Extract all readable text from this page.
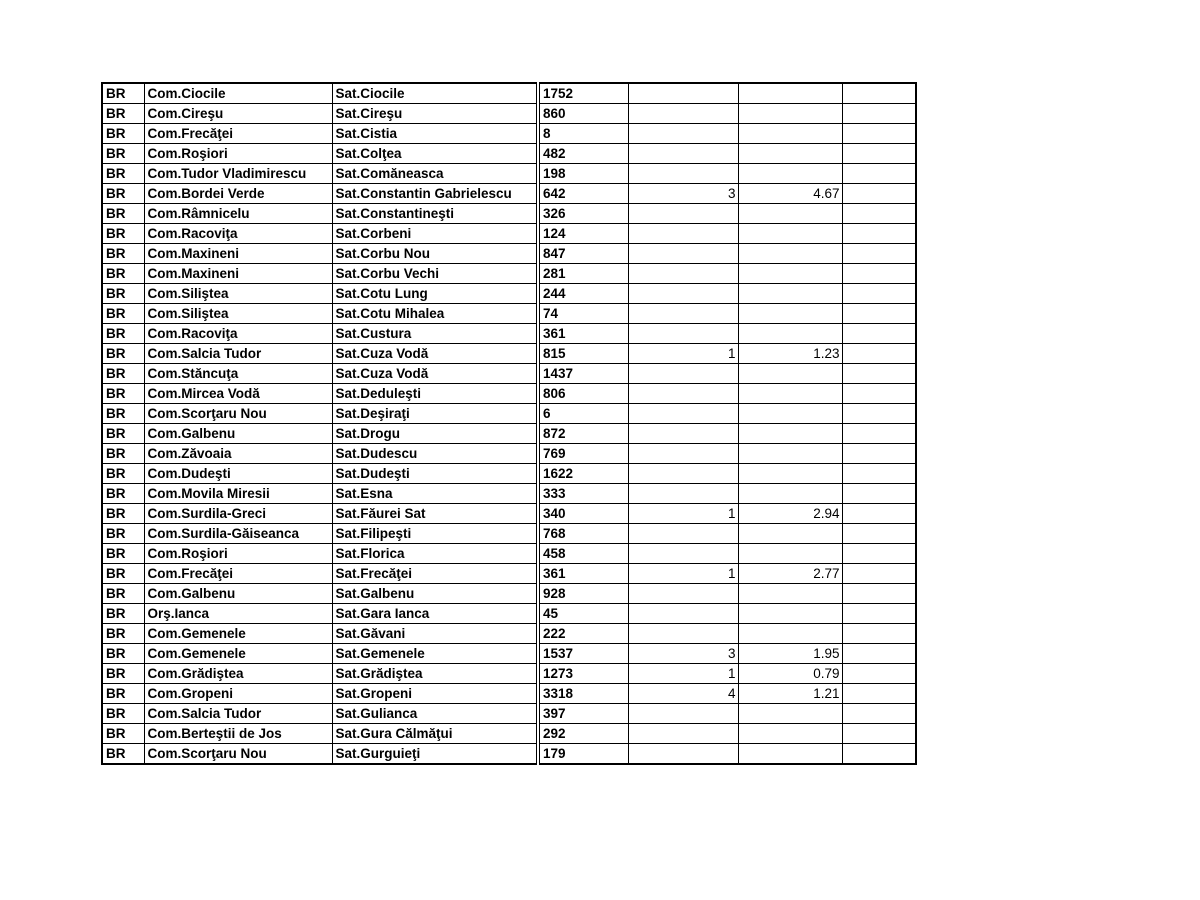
BR	Com.Ciocile	Sat.Ciocile	1752			
BR	Com.Cireşu	Sat.Cireşu	860			
BR	Com.Frecăţei	Sat.Cistia	8			
BR	Com.Roşiori	Sat.Colţea	482			
BR	Com.Tudor Vladimirescu	Sat.Comăneasca	198			
BR	Com.Bordei Verde	Sat.Constantin Gabrielescu	642	3	4.67	
BR	Com.Râmnicelu	Sat.Constantineşti	326			
BR	Com.Racoviţa	Sat.Corbeni	124			
BR	Com.Maxineni	Sat.Corbu Nou	847			
BR	Com.Maxineni	Sat.Corbu Vechi	281			
BR	Com.Siliştea	Sat.Cotu Lung	244			
BR	Com.Siliştea	Sat.Cotu Mihalea	74			
BR	Com.Racoviţa	Sat.Custura	361			
BR	Com.Salcia Tudor	Sat.Cuza Vodă	815	1	1.23	
BR	Com.Stăncuţa	Sat.Cuza Vodă	1437			
BR	Com.Mircea Vodă	Sat.Deduleşti	806			
BR	Com.Scorţaru Nou	Sat.Deşiraţi	6			
BR	Com.Galbenu	Sat.Drogu	872			
BR	Com.Zăvoaia	Sat.Dudescu	769			
BR	Com.Dudeşti	Sat.Dudeşti	1622			
BR	Com.Movila Miresii	Sat.Esna	333			
BR	Com.Surdila-Greci	Sat.Făurei Sat	340	1	2.94	
BR	Com.Surdila-Găiseanca	Sat.Filipeşti	768			
BR	Com.Roşiori	Sat.Florica	458			
BR	Com.Frecăţei	Sat.Frecăţei	361	1	2.77	
BR	Com.Galbenu	Sat.Galbenu	928			
BR	Orş.Ianca	Sat.Gara Ianca	45			
BR	Com.Gemenele	Sat.Găvani	222			
BR	Com.Gemenele	Sat.Gemenele	1537	3	1.95	
BR	Com.Grădiştea	Sat.Grădiştea	1273	1	0.79	
BR	Com.Gropeni	Sat.Gropeni	3318	4	1.21	
BR	Com.Salcia Tudor	Sat.Gulianca	397			
BR	Com.Berteştii de Jos	Sat.Gura Călmăţui	292			
BR	Com.Scorţaru Nou	Sat.Gurguieţi	179			
